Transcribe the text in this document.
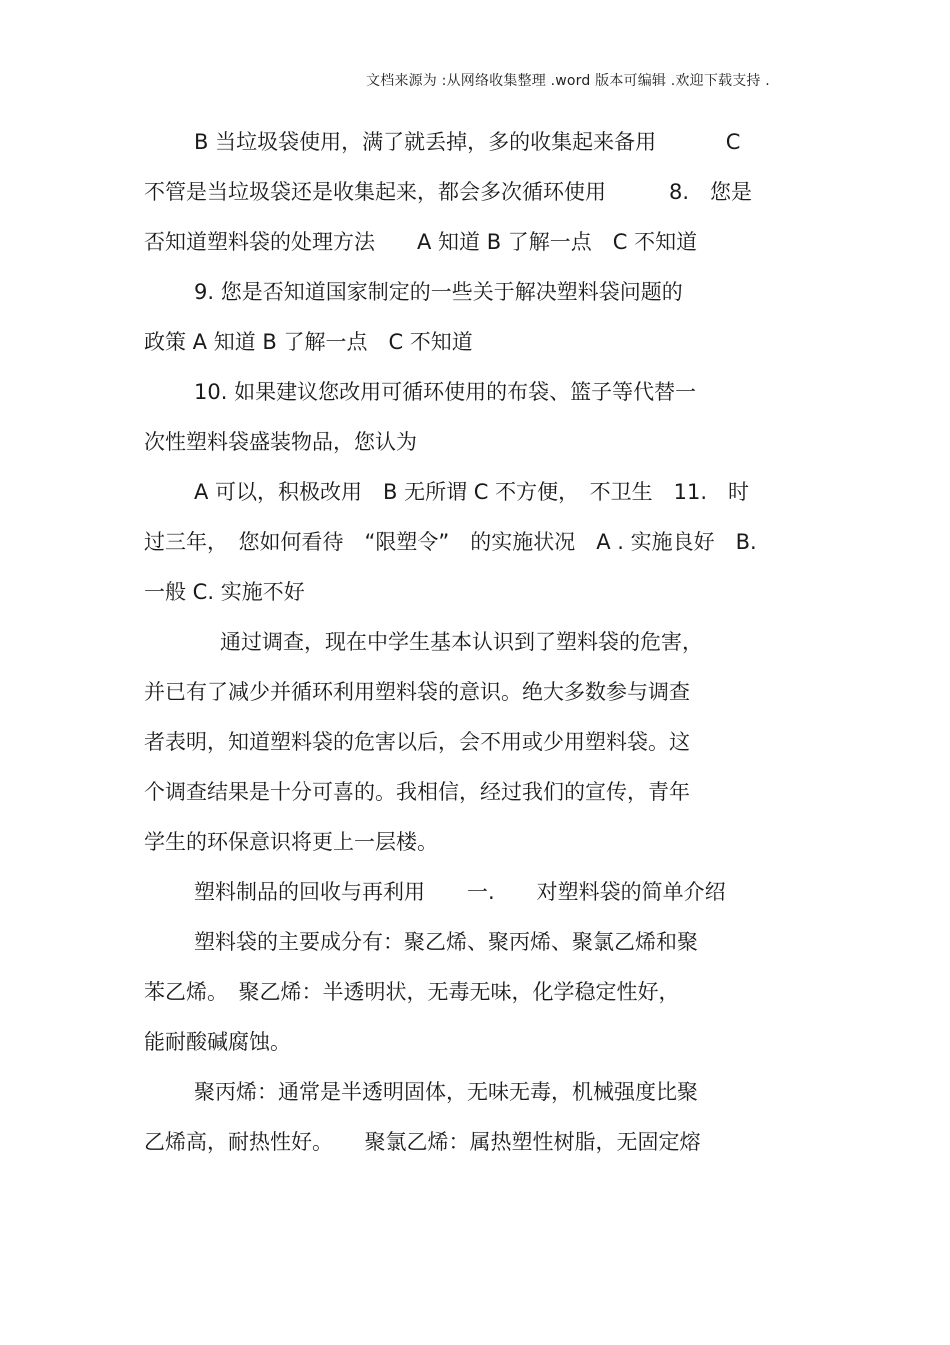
文档来源为 :从网络收集整理 .word 版本可编辑 .欢迎下载支持 .
B 当垃圾袋使用，满了就丢掉，多的收集起来备用　　　 C
不管是当垃圾袋还是收集起来，都会多次循环使用　　　8.　您是
否知道塑料袋的处理方法　　A 知道 B 了解一点　C 不知道
9. 您是否知道国家制定的一些关于解决塑料袋问题的
政策 A 知道 B 了解一点　C 不知道
10. 如果建议您改用可循环使用的布袋、篮子等代替一
次性塑料袋盛装物品，您认为
A 可以，积极改用　B 无所谓 C 不方便，　不卫生　11.　时
过三年，　您如何看待　“限塑令”　的实施状况　A . 实施良好　B.
一般 C. 实施不好
通过调查，现在中学生基本认识到了塑料袋的危害，
并已有了减少并循环利用塑料袋的意识。绝大多数参与调查
者表明，知道塑料袋的危害以后，会不用或少用塑料袋。这
个调查结果是十分可喜的。我相信，经过我们的宣传，青年
学生的环保意识将更上一层楼。
塑料制品的回收与再利用　　一.　　对塑料袋的简单介绍
塑料袋的主要成分有：聚乙烯、聚丙烯、聚氯乙烯和聚
苯乙烯。　聚乙烯：半透明状，无毒无味，化学稳定性好，
能耐酸碱腐蚀。
聚丙烯：通常是半透明固体，无味无毒，机械强度比聚
乙烯高，耐热性好。　　聚氯乙烯：属热塑性树脂，无固定熔
